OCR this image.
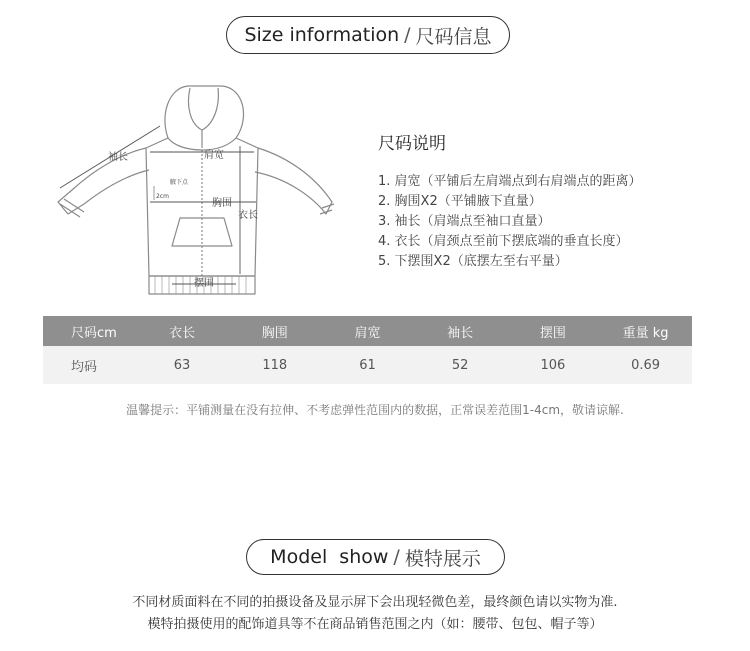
Size information / 尺码信息
袖长	肩宽
腋下点
2cm
胸围
衣长
摆围
尺码说明
1. 肩宽（平铺后左肩端点到右肩端点的距离）
2. 胸围X2（平铺腋下直量）
3. 袖长（肩端点至袖口直量）
4. 衣长（肩颈点至前下摆底端的垂直长度）
5. 下摆围X2（底摆左至右平量）
尺码cm	衣长	胸围	肩宽	袖长	摆围	重量 kg
均码	63	118	61	52	106	0.69
温馨提示：平铺测量在没有拉伸、不考虑弹性范围内的数据，正常误差范围1-4cm，敬请谅解.
Model  show / 模特展示
不同材质面料在不同的拍摄设备及显示屏下会出现轻微色差，最终颜色请以实物为准.
模特拍摄使用的配饰道具等不在商品销售范围之内（如：腰带、包包、帽子等）
